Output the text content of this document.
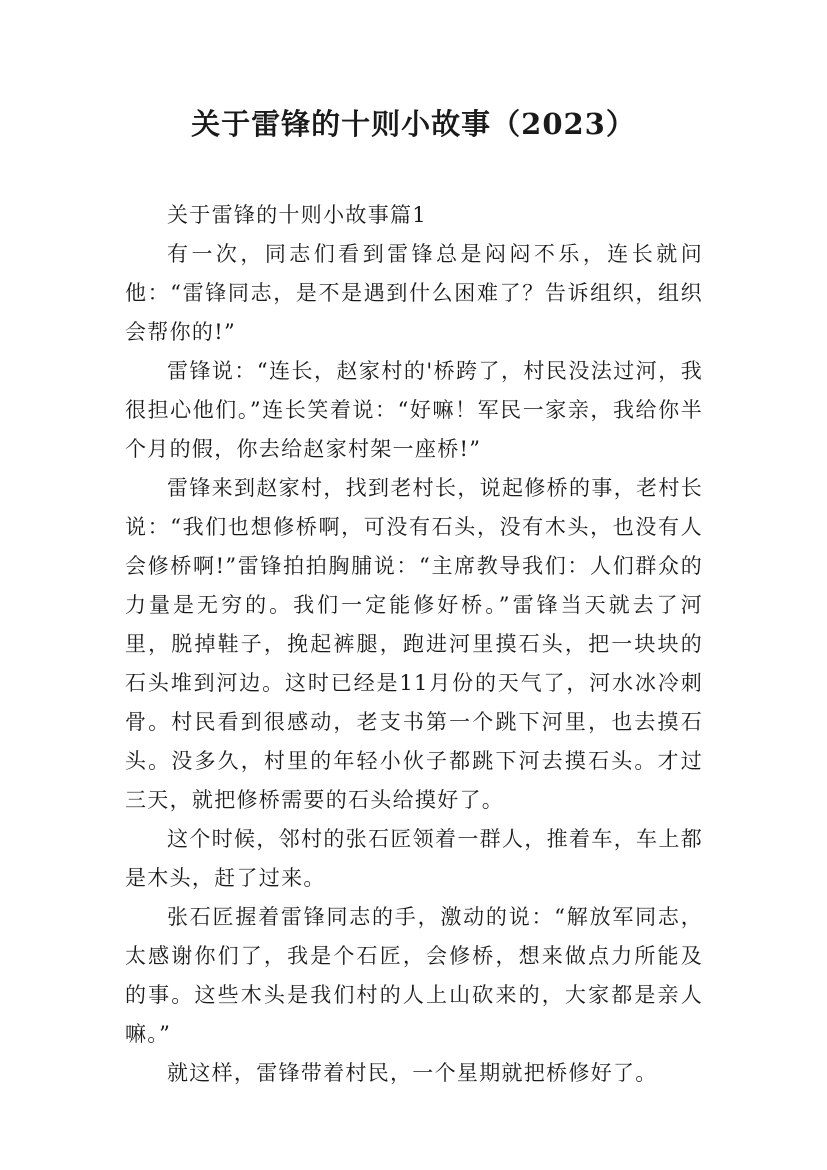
关于雷锋的十则小故事（2023）

关于雷锋的十则小故事篇1

有一次，同志们看到雷锋总是闷闷不乐，连长就问他：“雷锋同志，是不是遇到什么困难了？告诉组织，组织会帮你的!”

雷锋说：“连长，赵家村的'桥跨了，村民没法过河，我很担心他们。”连长笑着说：“好嘛！军民一家亲，我给你半个月的假，你去给赵家村架一座桥!”

雷锋来到赵家村，找到老村长，说起修桥的事，老村长说：“我们也想修桥啊，可没有石头，没有木头，也没有人会修桥啊!”雷锋拍拍胸脯说：“主席教导我们：人们群众的力量是无穷的。我们一定能修好桥。”雷锋当天就去了河里，脱掉鞋子，挽起裤腿，跑进河里摸石头，把一块块的石头堆到河边。这时已经是11月份的天气了，河水冰冷刺骨。村民看到很感动，老支书第一个跳下河里，也去摸石头。没多久，村里的年轻小伙子都跳下河去摸石头。才过三天，就把修桥需要的石头给摸好了。

这个时候，邻村的张石匠领着一群人，推着车，车上都是木头，赶了过来。

张石匠握着雷锋同志的手，激动的说：“解放军同志，太感谢你们了，我是个石匠，会修桥，想来做点力所能及的事。这些木头是我们村的人上山砍来的，大家都是亲人嘛。”

就这样，雷锋带着村民，一个星期就把桥修好了。
